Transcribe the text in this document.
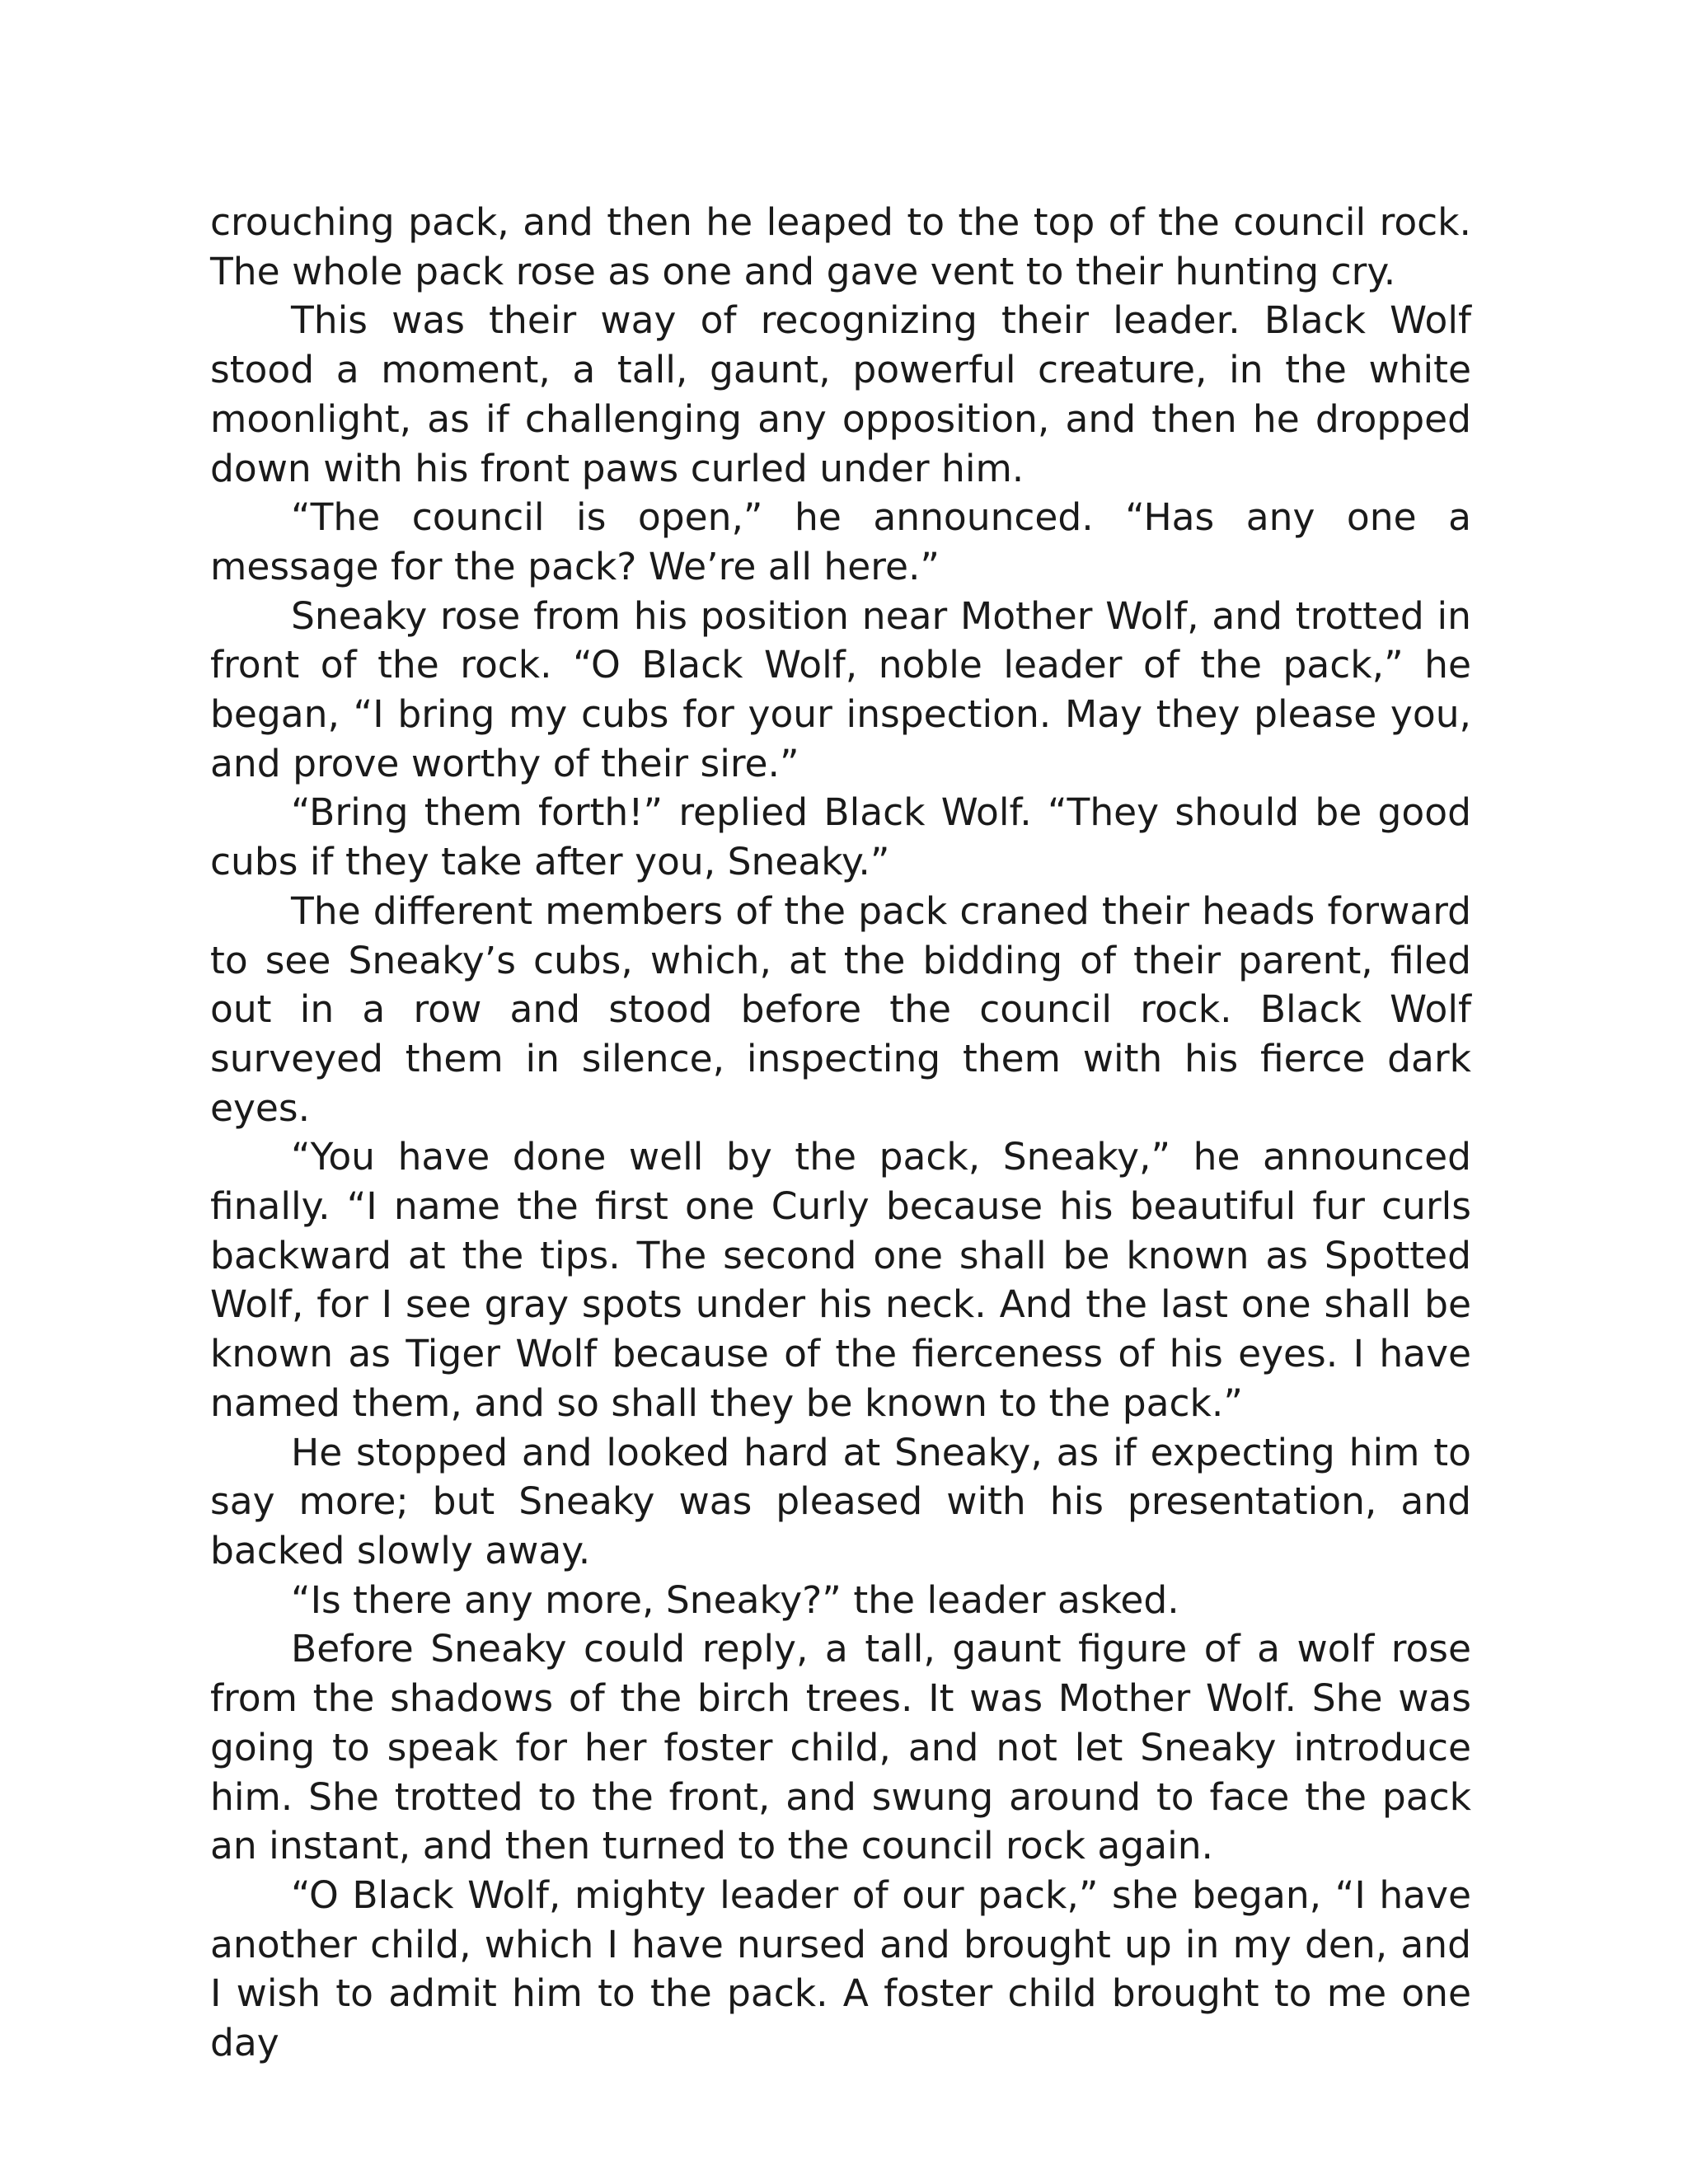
crouching pack, and then he leaped to the top of the council rock. The whole pack rose as one and gave vent to their hunting cry.

This was their way of recognizing their leader. Black Wolf stood a moment, a tall, gaunt, powerful creature, in the white moonlight, as if challenging any opposition, and then he dropped down with his front paws curled under him.

“The council is open,” he announced. “Has any one a message for the pack? We’re all here.”

Sneaky rose from his position near Mother Wolf, and trotted in front of the rock. “O Black Wolf, noble leader of the pack,” he began, “I bring my cubs for your inspection. May they please you, and prove worthy of their sire.”

“Bring them forth!” replied Black Wolf. “They should be good cubs if they take after you, Sneaky.”

The different members of the pack craned their heads forward to see Sneaky’s cubs, which, at the bidding of their parent, filed out in a row and stood before the council rock. Black Wolf surveyed them in silence, inspecting them with his fierce dark eyes.

“You have done well by the pack, Sneaky,” he announced finally. “I name the first one Curly because his beautiful fur curls backward at the tips. The second one shall be known as Spotted Wolf, for I see gray spots under his neck. And the last one shall be known as Tiger Wolf because of the fierceness of his eyes. I have named them, and so shall they be known to the pack.”

He stopped and looked hard at Sneaky, as if expecting him to say more; but Sneaky was pleased with his presentation, and backed slowly away.

“Is there any more, Sneaky?” the leader asked.

Before Sneaky could reply, a tall, gaunt figure of a wolf rose from the shadows of the birch trees. It was Mother Wolf. She was going to speak for her foster child, and not let Sneaky introduce him. She trotted to the front, and swung around to face the pack an instant, and then turned to the council rock again.

“O Black Wolf, mighty leader of our pack,” she began, “I have another child, which I have nursed and brought up in my den, and I wish to admit him to the pack. A foster child brought to me one day
